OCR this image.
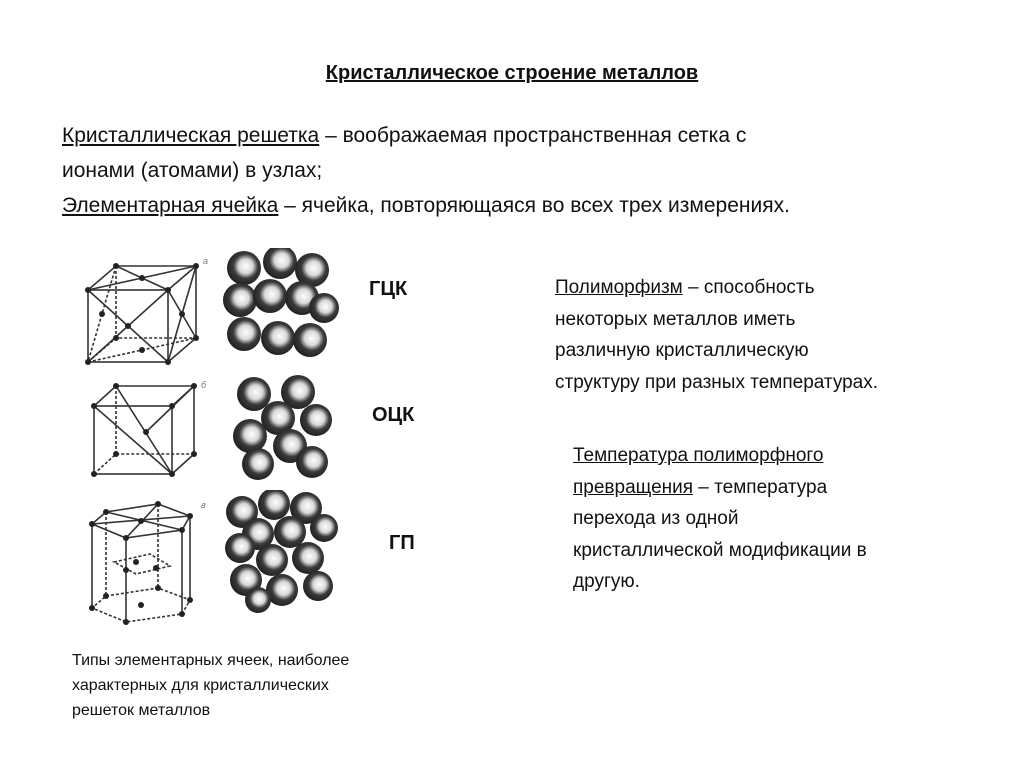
Кристаллическое строение металлов
Кристаллическая решетка – воображаемая пространственная сетка с
ионами (атомами) в узлах;
Элементарная ячейка – ячейка, повторяющаяся во всех трех измерениях.
а
ГЦК
б
ОЦК
в
ГП
Полиморфизм – способность
некоторых металлов иметь
различную кристаллическую
структуру при разных температурах.
Температура полиморфного
превращения – температура
перехода из одной
кристаллической модификации в
другую.
Типы элементарных ячеек, наиболее
характерных для кристаллических
решеток металлов
